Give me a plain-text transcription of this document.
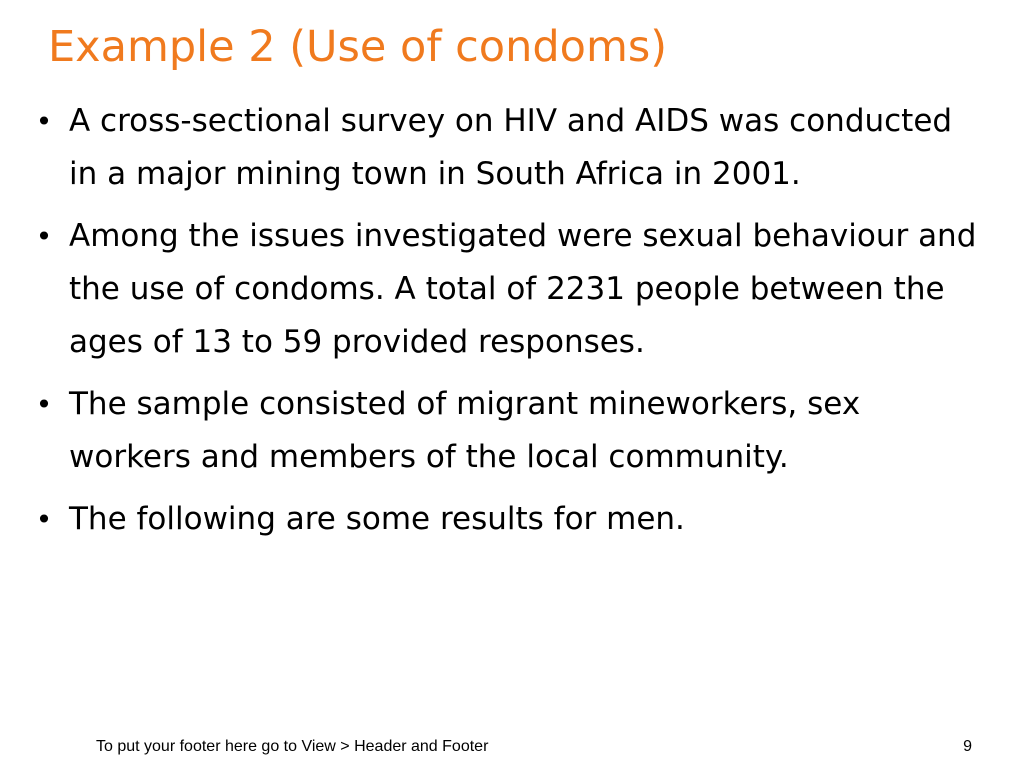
Example 2 (Use of condoms)
• A cross-sectional survey on HIV and AIDS was conducted in a major mining town in South Africa in 2001.
• Among the issues investigated were sexual behaviour and the use of condoms. A total of 2231 people between the ages of 13 to 59 provided responses.
• The sample consisted of migrant mineworkers, sex workers and members of the local community.
• The following are some results for men.
To put your footer here go to View > Header and Footer	9
